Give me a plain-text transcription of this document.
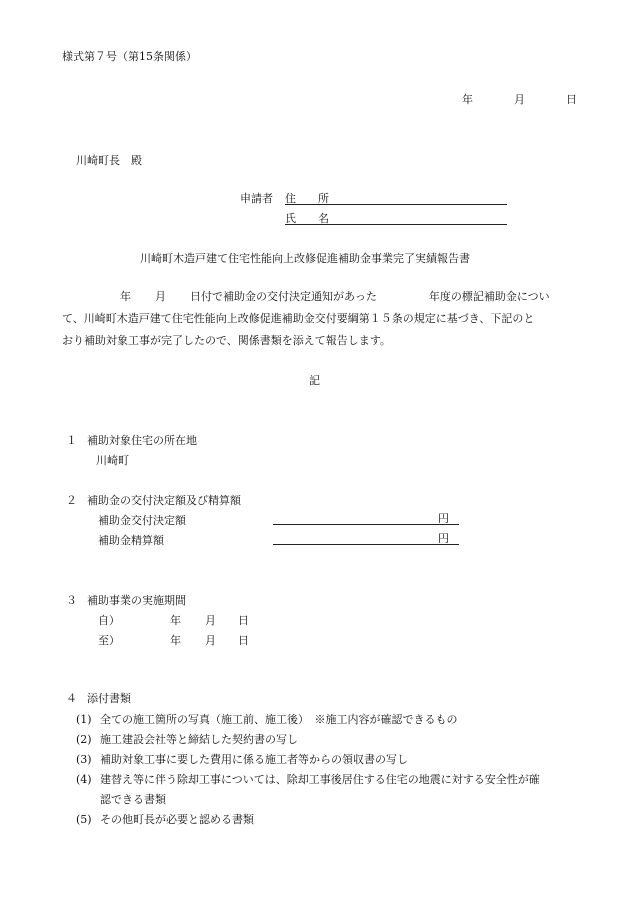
様式第７号（第15条関係）
年	月	日
川崎町長　殿
申請者 住　　所
氏　　名
川崎町木造戸建て住宅性能向上改修促進補助金事業完了実績報告書

年 月 日付で補助金の交付決定通知があった	年度の標記補助金につい

て、川崎町木造戸建て住宅性能向上改修促進補助金交付要綱第１５条の規定に基づき、下記のと

おり補助対象工事が完了したので、関係書類を添えて報告します。

記
１ 補助対象住宅の所在地
川崎町
２ 補助金の交付決定額及び精算額
補助金交付決定額	円
補助金精算額	円
３ 補助事業の実施期間
自）	年 月 日
至）	年 月 日
４ 添付書類
(1) 全ての施工箇所の写真（施工前、施工後）　※施工内容が確認できるもの
(2) 施工建設会社等と締結した契約書の写し
(3) 補助対象工事に要した費用に係る施工者等からの領収書の写し
(4) 建替え等に伴う除却工事については、除却工事後居住する住宅の地震に対する安全性が確
認できる書類
(5) その他町長が必要と認める書類
